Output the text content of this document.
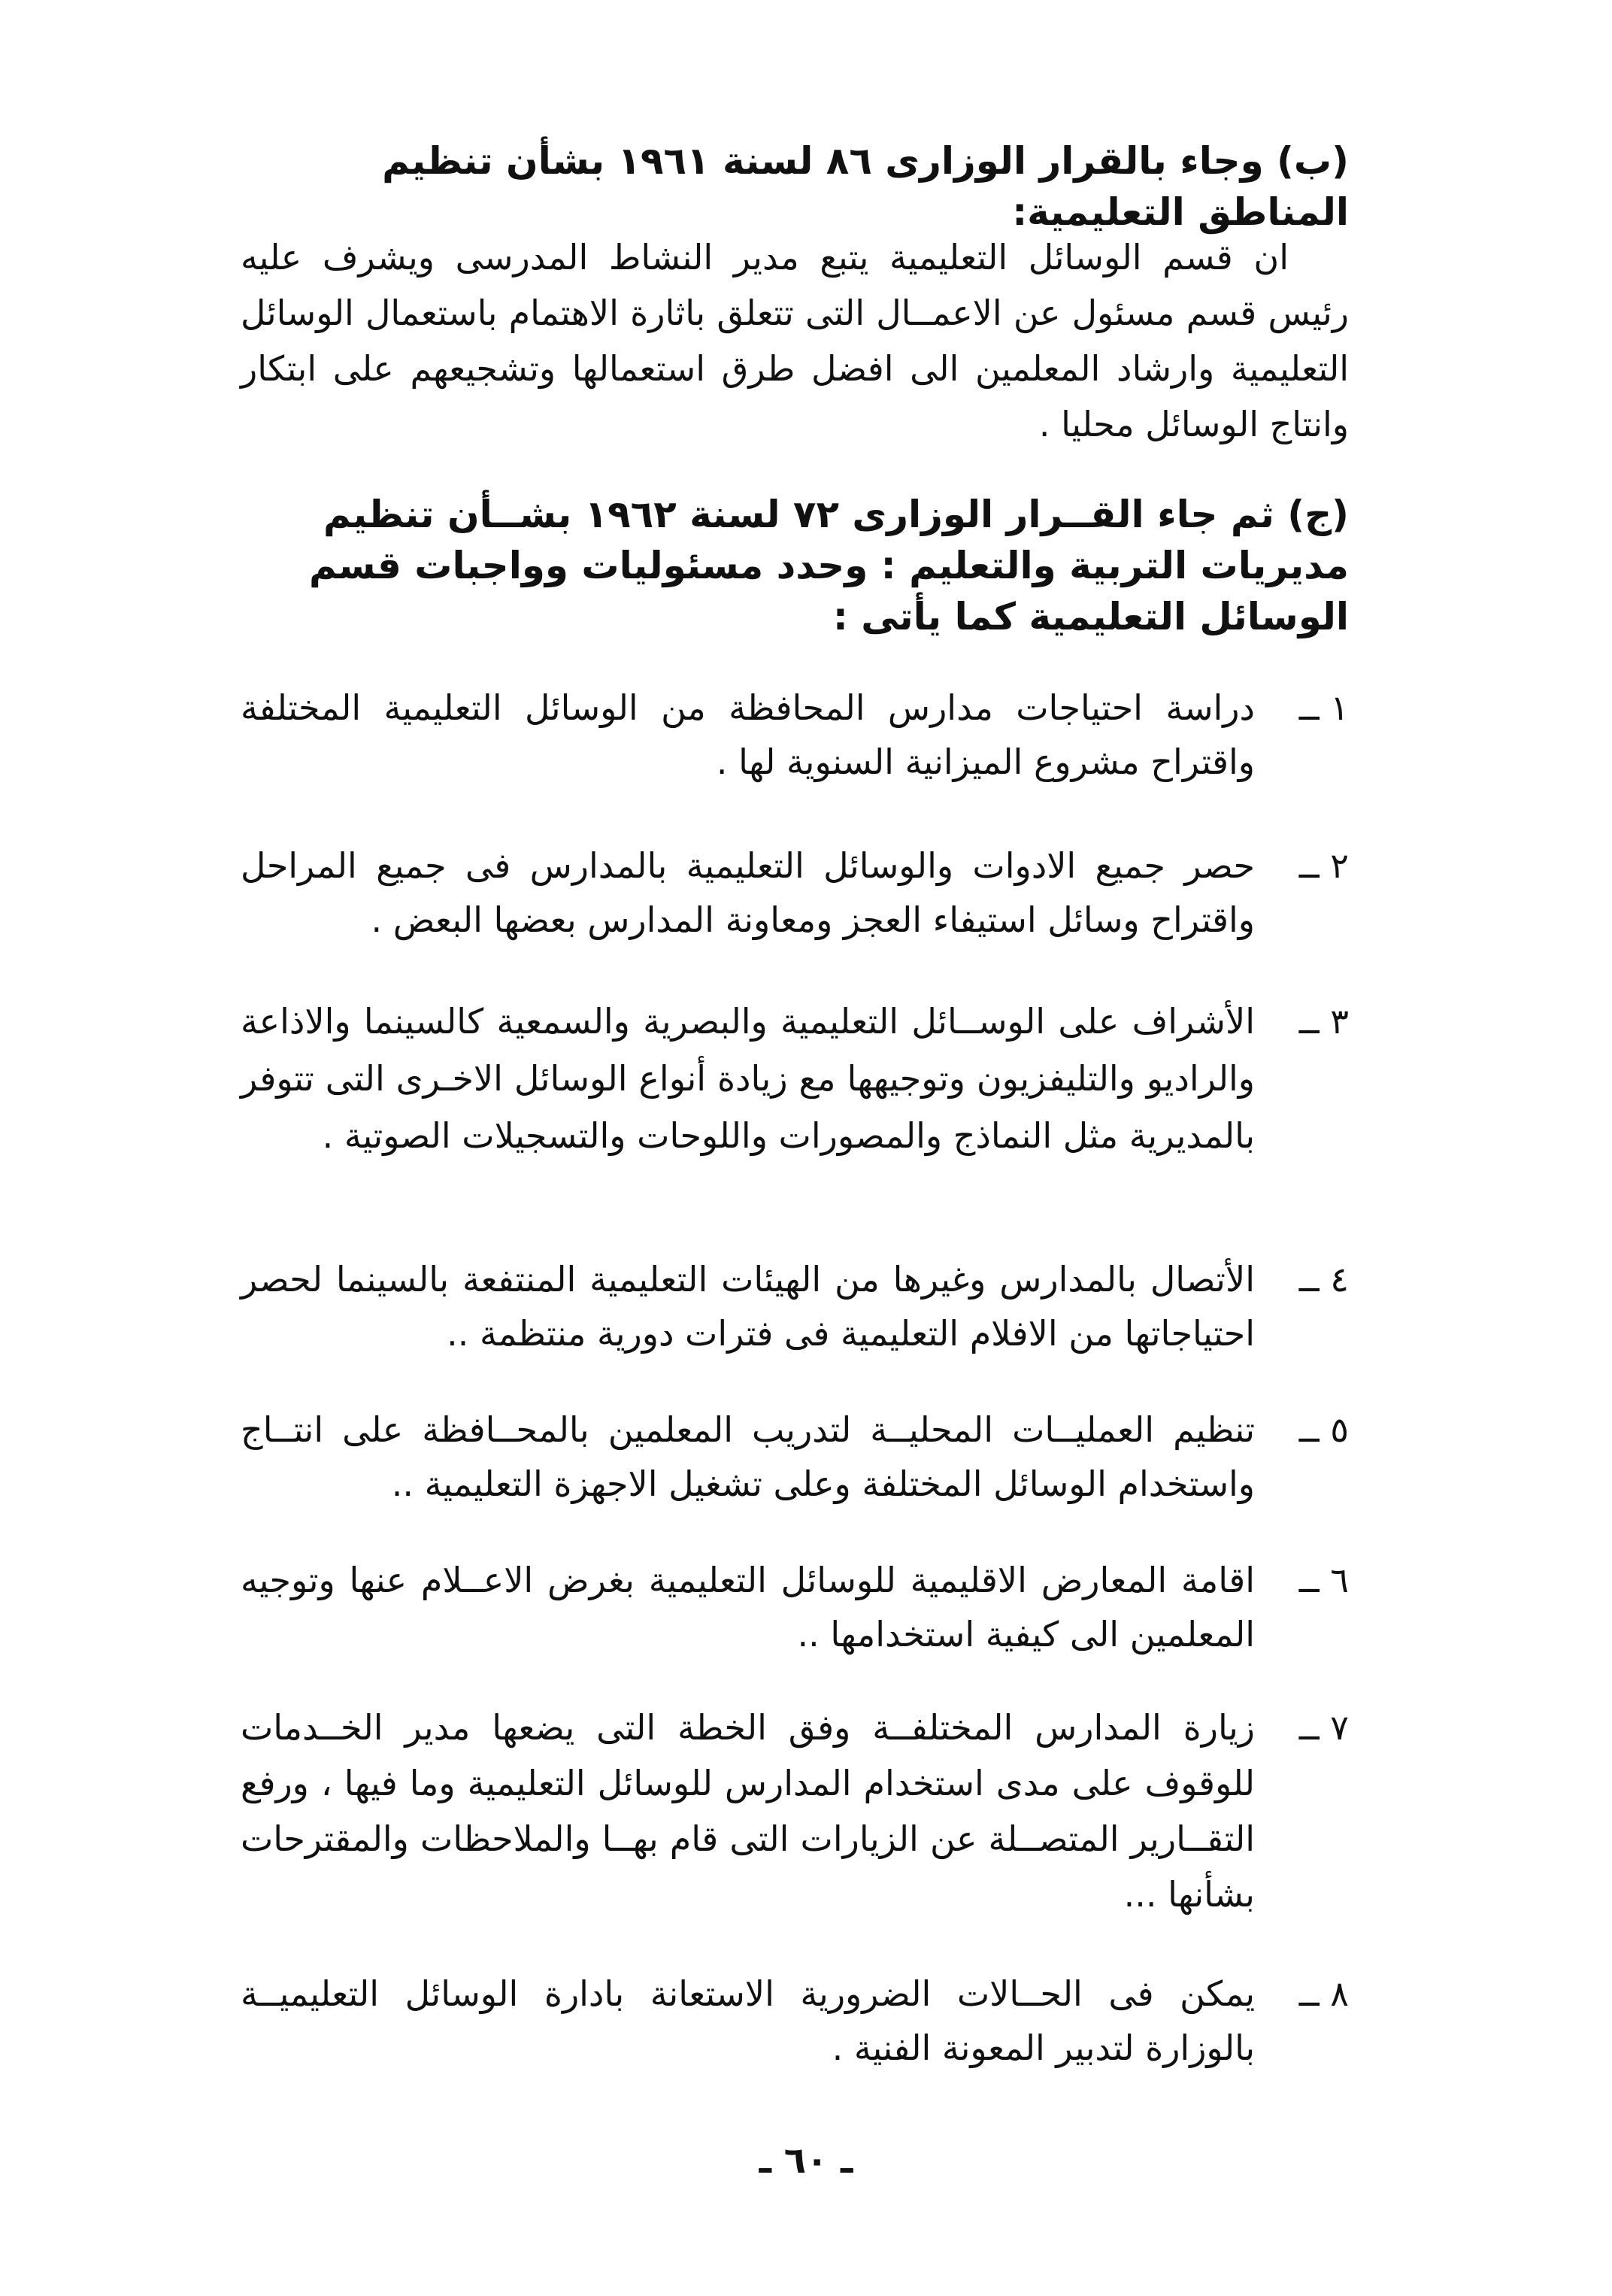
(ب) وجاء بالقرار الوزارى ٨٦ لسنة ١٩٦١ بشأن تنظيم المناطق التعليمية:

ان قسم الوسائل التعليمية يتبع مدير النشاط المدرسى ويشرف عليه رئيس قسم مسئول عن الاعمــال التى تتعلق باثارة الاهتمام باستعمال الوسائل التعليمية وارشاد المعلمين الى افضل طرق استعمالها وتشجيعهم على ابتكار وانتاج الوسائل محليا .

(ج) ثم جاء القــرار الوزارى ٧٢ لسنة ١٩٦٢ بشــأن تنظيم مديريات التربية والتعليم : وحدد مسئوليات وواجبات قسم الوسائل التعليمية كما يأتى :

١ ــ
دراسة احتياجات مدارس المحافظة من الوسائل التعليمية المختلفة واقتراح مشروع الميزانية السنوية لها .
٢ ــ
حصر جميع الادوات والوسائل التعليمية بالمدارس فى جميع المراحل واقتراح وسائل استيفاء العجز ومعاونة المدارس بعضها البعض .
٣ ــ
الأشراف على الوســائل التعليمية والبصرية والسمعية كالسينما والاذاعة والراديو والتليفزيون وتوجيهها مع زيادة أنواع الوسائل الاخـرى التى تتوفر بالمديرية مثل النماذج والمصورات واللوحات والتسجيلات الصوتية .
٤ ــ
الأتصال بالمدارس وغيرها من الهيئات التعليمية المنتفعة بالسينما لحصر احتياجاتها من الافلام التعليمية فى فترات دورية منتظمة ..
٥ ــ
تنظيم العمليــات المحليــة لتدريب المعلمين بالمحــافظة على انتــاج واستخدام الوسائل المختلفة وعلى تشغيل الاجهزة التعليمية ..
٦ ــ
اقامة المعارض الاقليمية للوسائل التعليمية بغرض الاعــلام عنها وتوجيه المعلمين الى كيفية استخدامها ..
٧ ــ
زيارة المدارس المختلفــة وفق الخطة التى يضعها مدير الخــدمات للوقوف على مدى استخدام المدارس للوسائل التعليمية وما فيها ، ورفع التقــارير المتصــلة عن الزيارات التى قام بهــا والملاحظات والمقترحات بشأنها ...
٨ ــ
يمكن فى الحــالات الضرورية الاستعانة بادارة الوسائل التعليميــة بالوزارة لتدبير المعونة الفنية .
ـ ٦٠ ـ
